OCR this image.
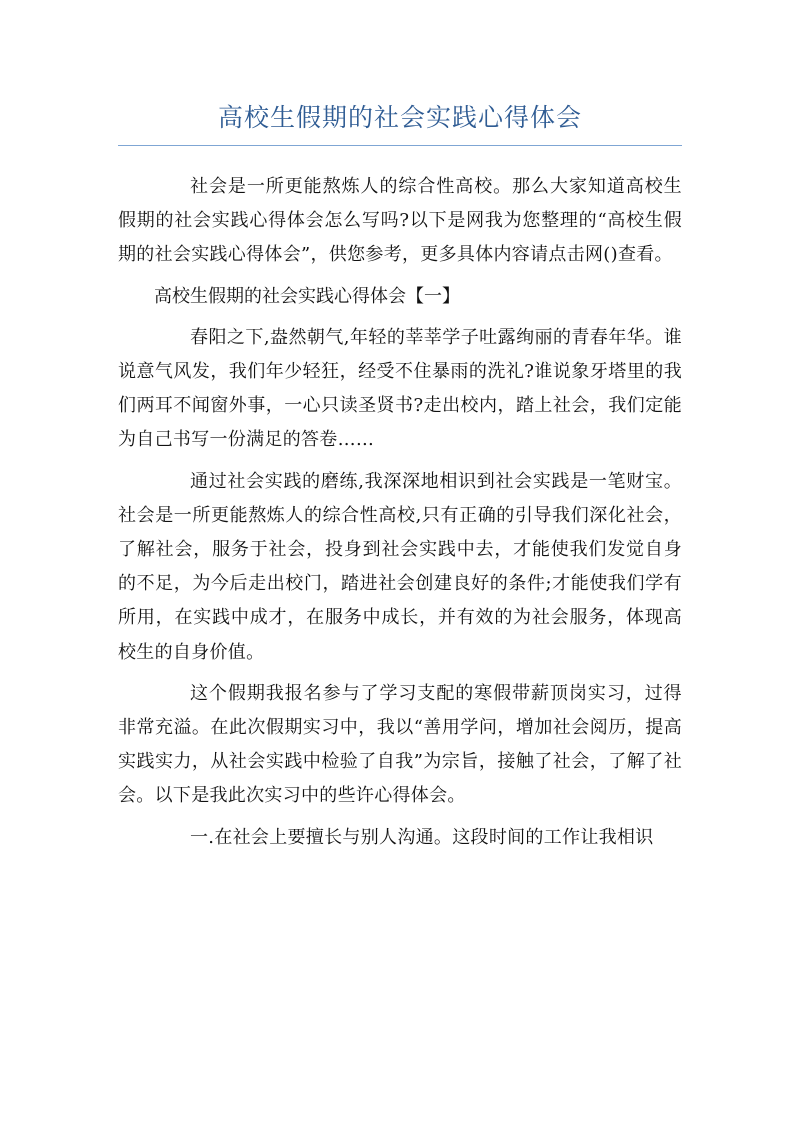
高校生假期的社会实践心得体会

社会是一所更能熬炼人的综合性高校。那么大家知道高校生假期的社会实践心得体会怎么写吗?以下是网我为您整理的“高校生假期的社会实践心得体会”，供您参考，更多具体内容请点击网()查看。

高校生假期的社会实践心得体会【一】

春阳之下,盎然朝气,年轻的莘莘学子吐露绚丽的青春年华。谁说意气风发，我们年少轻狂，经受不住暴雨的洗礼?谁说象牙塔里的我们两耳不闻窗外事，一心只读圣贤书?走出校内，踏上社会，我们定能为自己书写一份满足的答卷……

通过社会实践的磨练,我深深地相识到社会实践是一笔财宝。社会是一所更能熬炼人的综合性高校,只有正确的引导我们深化社会，了解社会，服务于社会，投身到社会实践中去，才能使我们发觉自身的不足，为今后走出校门，踏进社会创建良好的条件;才能使我们学有所用，在实践中成才，在服务中成长，并有效的为社会服务，体现高校生的自身价值。

这个假期我报名参与了学习支配的寒假带薪顶岗实习，过得非常充溢。在此次假期实习中，我以“善用学问，增加社会阅历，提高实践实力，从社会实践中检验了自我”为宗旨，接触了社会，了解了社会。以下是我此次实习中的些许心得体会。

一.在社会上要擅长与别人沟通。这段时间的工作让我相识
